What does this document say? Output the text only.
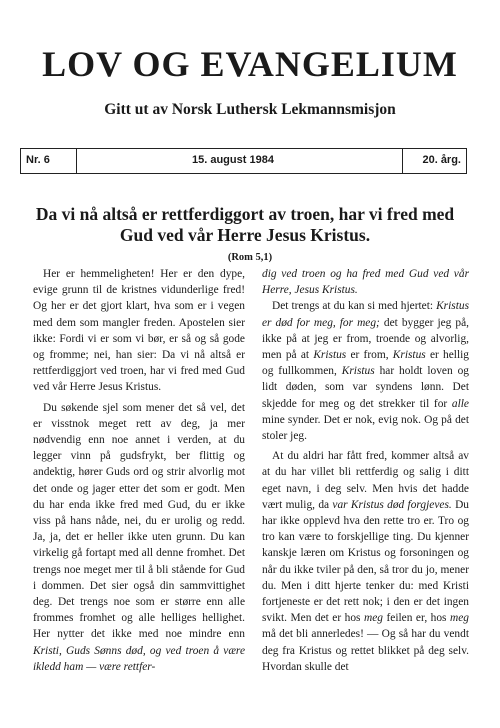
LOV OG EVANGELIUM
Gitt ut av Norsk Luthersk Lekmannsmisjon
Nr. 6	15. august 1984	20. årg.
Da vi nå altså er rettferdiggort av troen, har vi fred med Gud ved vår Herre Jesus Kristus.
(Rom 5,1)

Her er hemmeligheten! Her er den dype, evige grunn til de kristnes vidunderlige fred! Og her er det gjort klart, hva som er i vegen med dem som mangler freden. Apostelen sier ikke: Fordi vi er som vi bør, er så og så gode og fromme; nei, han sier: Da vi nå altså er rettferdiggjort ved troen, har vi fred med Gud ved vår Herre Jesus Kristus.

Du søkende sjel som mener det så vel, det er visstnok meget rett av deg, ja mer nødvendig enn noe annet i verden, at du legger vinn på gudsfrykt, ber flittig og andektig, hører Guds ord og strir alvorlig mot det onde og jager etter det som er godt. Men du har enda ikke fred med Gud, du er ikke viss på hans nåde, nei, du er urolig og redd. Ja, ja, det er heller ikke uten grunn. Du kan virkelig gå fortapt med all denne fromhet. Det trengs noe meget mer til å bli stående for Gud i dommen. Det sier også din sammvittighet deg. Det trengs noe som er større enn alle frommes fromhet og alle helliges hellighet. Her nytter det ikke med noe mindre enn Kristi, Guds Sønns død, og ved troen å være ikledd ham — være rettfer-

dig ved troen og ha fred med Gud ved vår Herre, Jesus Kristus.

Det trengs at du kan si med hjertet: Kristus er død for meg, for meg; det bygger jeg på, ikke på at jeg er from, troende og alvorlig, men på at Kristus er from, Kristus er hellig og fullkommen, Kristus har holdt loven og lidt døden, som var syndens lønn. Det skjedde for meg og det strekker til for alle mine synder. Det er nok, evig nok. Og på det stoler jeg.

At du aldri har fått fred, kommer altså av at du har villet bli rettferdig og salig i ditt eget navn, i deg selv. Men hvis det hadde vært mulig, da var Kristus død forgjeves. Du har ikke opplevd hva den rette tro er. Tro og tro kan være to forskjellige ting. Du kjenner kanskje læren om Kristus og forsoningen og når du ikke tviler på den, så tror du jo, mener du. Men i ditt hjerte tenker du: med Kristi fortjeneste er det rett nok; i den er det ingen svikt. Men det er hos meg feilen er, hos meg må det bli annerledes! — Og så har du vendt deg fra Kristus og rettet blikket på deg selv. Hvordan skulle det
